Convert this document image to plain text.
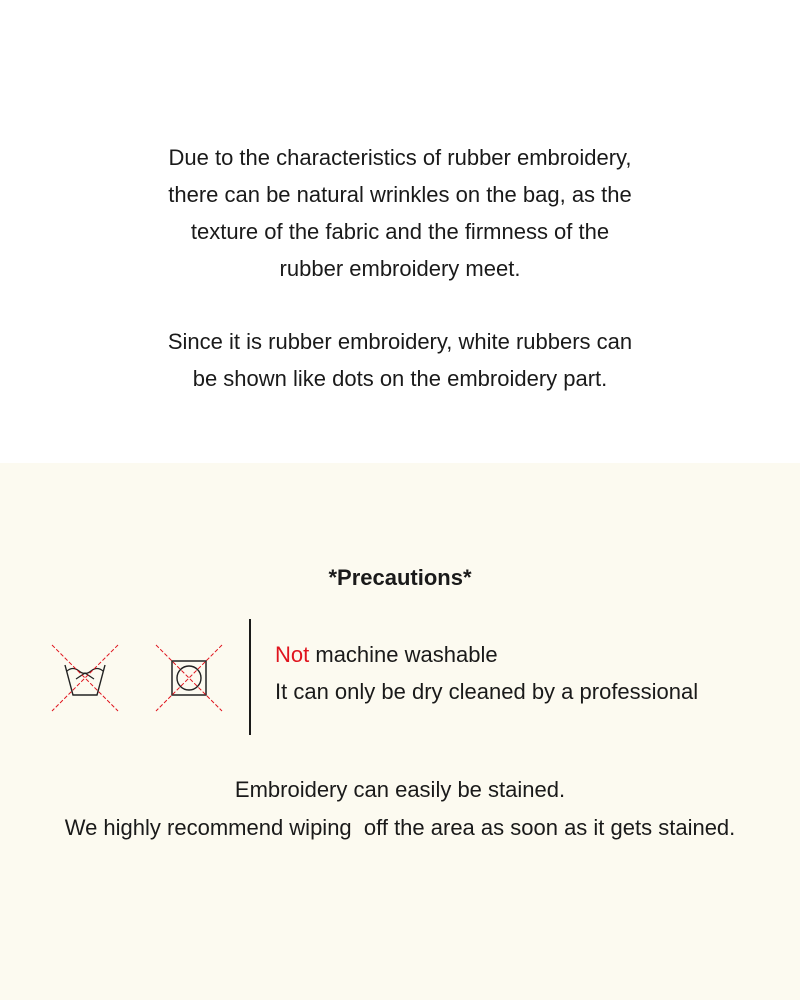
Due to the characteristics of rubber embroidery,
there can be natural wrinkles on the bag, as the
texture of the fabric and the firmness of the
rubber embroidery meet.

Since it is rubber embroidery, white rubbers can
be shown like dots on the embroidery part.

*Precautions*
Not machine washable
It can only be dry cleaned by a professional
Embroidery can easily be stained.
We highly recommend wiping  off the area as soon as it gets stained.
